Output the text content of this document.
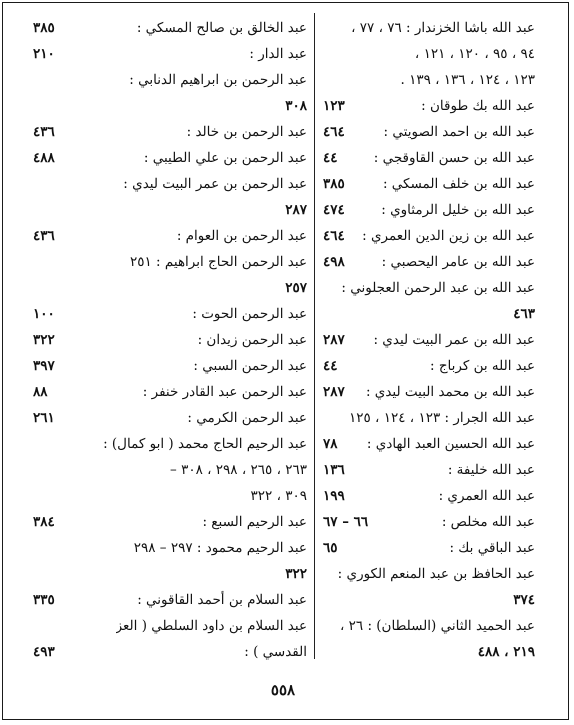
عبد الله باشا الخزندار : ٧٦ ، ٧٧ ،
٩٤ ، ٩٥ ، ١٢٠ ، ١٢١ ،
١٢٣ ، ١٢٤ ، ١٣٦ ، ١٣٩ .
عبد الله بك طوقان :
١٢٣
عبد الله بن احمد الصويتي :
٤٦٤
عبد الله بن حسن القاوقجي :
٤٤
عبد الله بن خلف المسكي :
٣٨٥
عبد الله بن خليل الرمثاوي :
٤٧٤
عبد الله بن زين الدين العمري :
٤٦٤
عبد الله بن عامر اليحصبي :
٤٩٨
عبد الله بن عبد الرحمن العجلوني :
٤٦٣
عبد الله بن عمر البيت ليدي :
٢٨٧
عبد الله بن كرباج :
٤٤
عبد الله بن محمد البيت ليدي :
٢٨٧
عبد الله الجرار : ١٢٣ ، ١٢٤ ، ١٢٥
عبد الله الحسين العبد الهادي :
٧٨
عبد الله خليفة :
١٣٦
عبد الله العمري :
١٩٩
عبد الله مخلص :
٦٦ – ٦٧
عبد الباقي بك :
٦٥
عبد الحافظ بن عبد المنعم الكوري :
٣٧٤
عبد الحميد الثاني (السلطان) : ٢٦ ،
٢١٩ ، ٤٨٨
عبد الخالق بن صالح المسكي :
٣٨٥
عبد الدار :
٢١٠
عبد الرحمن بن ابراهيم الدنابي :
٣٠٨
عبد الرحمن بن خالد :
٤٣٦
عبد الرحمن بن علي الطيبي :
٤٨٨
عبد الرحمن بن عمر البيت ليدي :
٢٨٧
عبد الرحمن بن العوام :
٤٣٦
عبد الرحمن الحاج ابراهيم : ٢٥١
٢٥٧
عبد الرحمن الحوت :
١٠٠
عبد الرحمن زيدان :
٣٢٢
عبد الرحمن السبي :
٣٩٧
عبد الرحمن عبد القادر خنفر :
٨٨
عبد الرحمن الكرمي :
٢٦١
عبد الرحيم الحاج محمد ( ابو كمال) :
٢٦٣ ، ٢٦٥ ، ٢٩٨ ، ٣٠٨ –
٣٠٩ ، ٣٢٢
عبد الرحيم السبع :
٣٨٤
عبد الرحيم محمود : ٢٩٧ – ٢٩٨
٣٢٢
عبد السلام بن أحمد القاقوني :
٣٣٥
عبد السلام بن داود السلطي ( العز
القدسي ) :
٤٩٣
٥٥٨
